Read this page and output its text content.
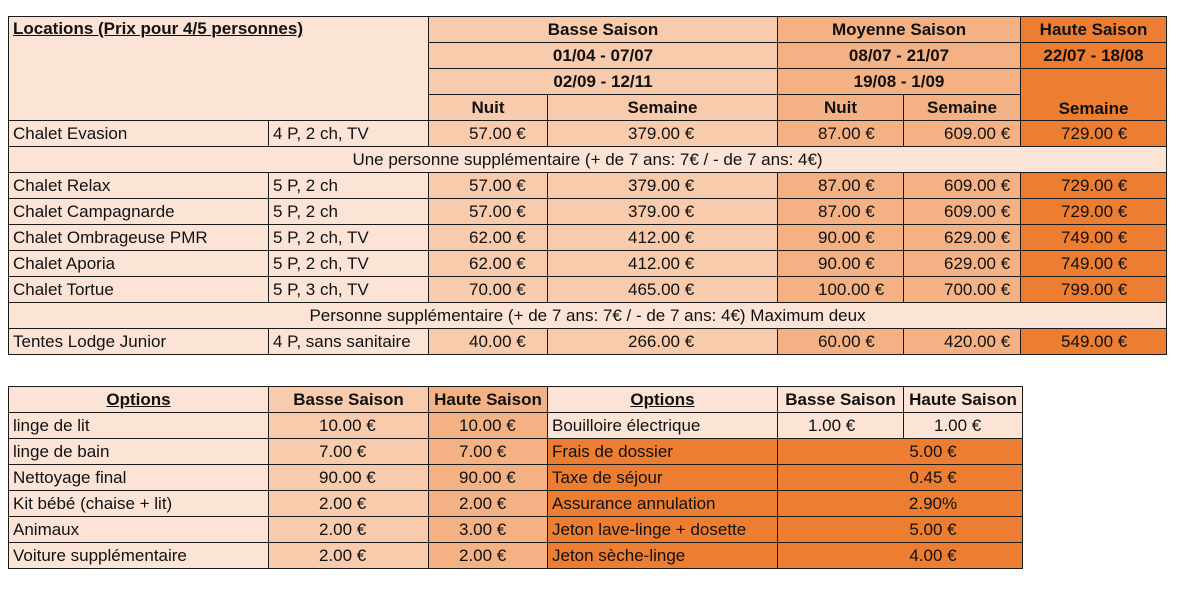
Locations (Prix pour 4/5 personnes)		Basse Saison		Moyenne Saison		Haute Saison
		01/04 - 07/07		08/07 - 21/07		22/07 - 18/08
		02/09 - 12/11		19/08 - 1/09		Semaine
		Nuit	Semaine	Nuit	Semaine	
Chalet Evasion	4 P, 2 ch, TV	57.00 €	379.00 €	87.00 €	609.00 €	729.00 €
Une personne supplémentaire (+ de 7 ans: 7€ / - de 7 ans: 4€)						
Chalet Relax	5 P, 2 ch	57.00 €	379.00 €	87.00 €	609.00 €	729.00 €
Chalet Campagnarde	5 P, 2 ch	57.00 €	379.00 €	87.00 €	609.00 €	729.00 €
Chalet Ombrageuse PMR	5 P, 2 ch, TV	62.00 €	412.00 €	90.00 €	629.00 €	749.00 €
Chalet Aporia	5 P, 2 ch, TV	62.00 €	412.00 €	90.00 €	629.00 €	749.00 €
Chalet Tortue	5 P, 3 ch, TV	70.00 €	465.00 €	100.00 €	700.00 €	799.00 €
Personne supplémentaire (+ de 7 ans: 7€ / - de 7 ans: 4€) Maximum deux						
Tentes Lodge Junior	4 P, sans sanitaire	40.00 €	266.00 €	60.00 €	420.00 €	549.00 €
Options	Basse Saison	Haute Saison	Options	Basse Saison	Haute Saison
linge de lit	10.00 €	10.00 €	Bouilloire électrique	1.00 €	1.00 €
linge de bain	7.00 €	7.00 €	Frais de dossier	5.00 €	
Nettoyage final	90.00 €	90.00 €	Taxe de séjour	0.45 €	
Kit bébé (chaise + lit)	2.00 €	2.00 €	Assurance annulation	2.90%	
Animaux	2.00 €	3.00 €	Jeton lave-linge + dosette	5.00 €	
Voiture supplémentaire	2.00 €	2.00 €	Jeton sèche-linge	4.00 €	
